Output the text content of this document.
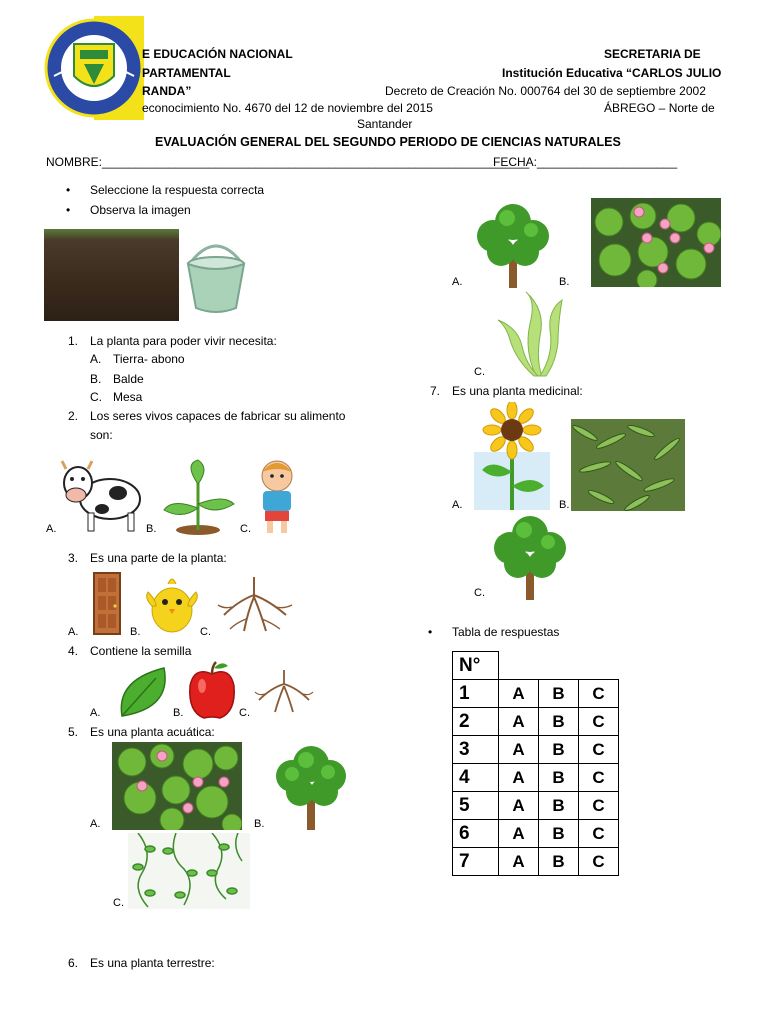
E EDUCACIÓN NACIONAL
PARTAMENTAL
RANDA”
econocimiento No. 4670 del 12 de noviembre del 2015
SECRETARIA DE
Institución Educativa “CARLOS JULIO
Decreto de Creación No. 000764 del 30 de septiembre 2002
ÁBREGO – Norte de
Santander
EVALUACIÓN GENERAL DEL SEGUNDO PERIODO DE CIENCIAS NATURALES
NOMBRE:________________________________________________________________
FECHA:_____________________
• Seleccione la respuesta correcta
• Observa la imagen
1. La planta para poder vivir necesita:
A. Tierra- abono
B. Balde
C. Mesa
2. Los seres vivos capaces de fabricar su alimento
son:
A.	B.	C.
3. Es una parte de la planta:
A.	B.	C.
4. Contiene la semilla
A.	B.	C.
5. Es una planta acuática:
A.	B.
C.
6. Es una planta terrestre:
A.	B.
C.
7. Es una planta medicinal:
A.	B.
C.
• Tabla de respuestas
N°			
1	A	B	C
2	A	B	C
3	A	B	C
4	A	B	C
5	A	B	C
6	A	B	C
7	A	B	C
